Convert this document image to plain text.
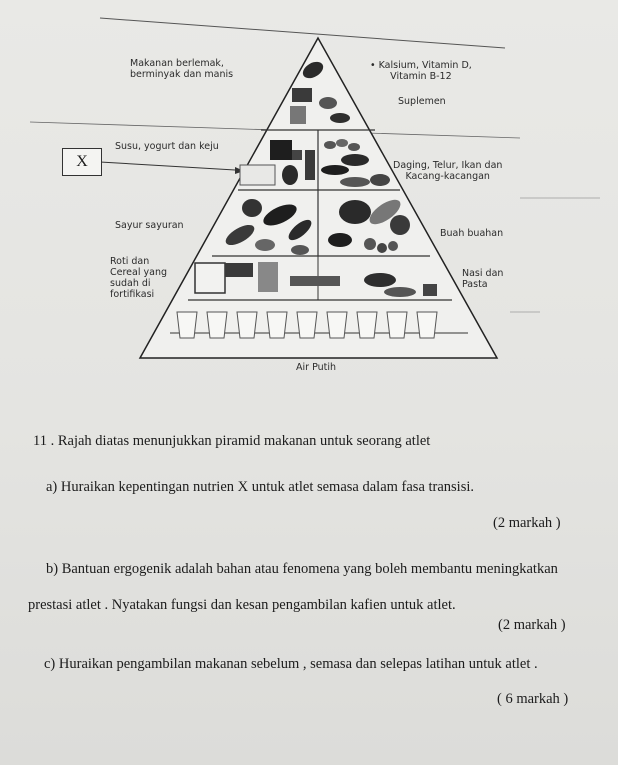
Makanan berlemak,
berminyak dan manis
• Kalsium, Vitamin D,
Vitamin B-12
Suplemen
Susu, yogurt dan keju
X	Daging, Telur, Ikan dan
Kacang-kacangan
Sayur sayuran
Buah buahan
Roti dan
Cereal yang
sudah di
fortifikasi
Nasi dan
Pasta
Air Putih
11 . Rajah diatas menunjukkan piramid makanan untuk seorang atlet
a) Huraikan kepentingan nutrien X untuk atlet semasa dalam fasa transisi.
(2 markah )
b) Bantuan ergogenik adalah bahan atau fenomena yang boleh membantu meningkatkan
prestasi atlet . Nyatakan fungsi dan kesan pengambilan kafien untuk atlet.
(2 markah )
c) Huraikan pengambilan makanan sebelum , semasa dan selepas latihan untuk atlet .
( 6 markah )
